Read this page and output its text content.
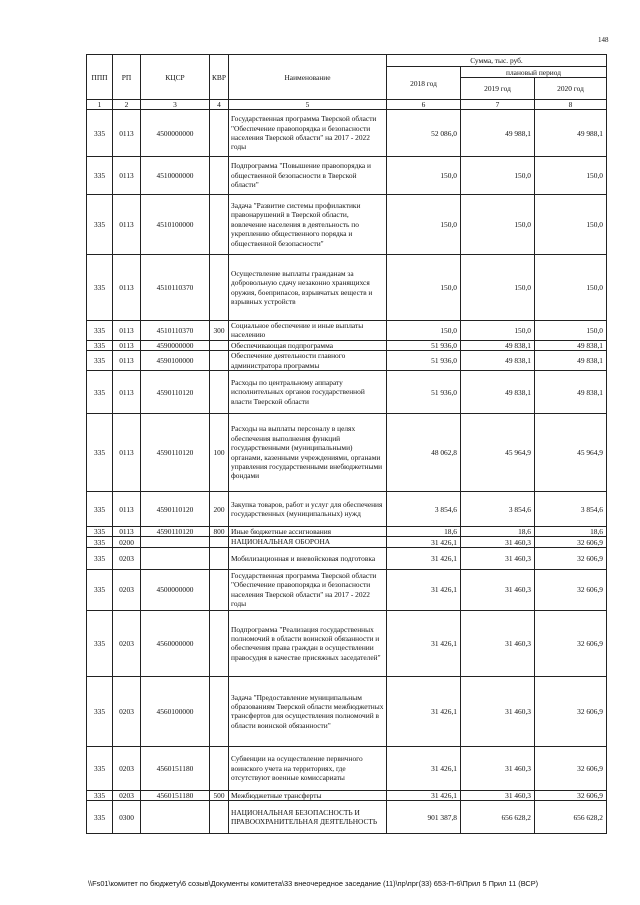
148
ППП	РП	КЦСР	КВР	Наименование	Сумма, тыс. руб.		
					2018 год	плановый период	
						2019 год	2020 год
1	2	3	4	5	6	7	8
335	0113	4500000000		Государственная программа Тверской области "Обеспечение правопорядка и безопасности населения Тверской области" на 2017 - 2022 годы	52 086,0	49 988,1	49 988,1
335	0113	4510000000		Подпрограмма "Повышение правопорядка и общественной безопасности в Тверской области"	150,0	150,0	150,0
335	0113	4510100000		Задача "Развитие системы профилактики правонарушений в Тверской области, вовлечение населения в деятельность по укреплению общественного порядка и общественной безопасности"	150,0	150,0	150,0
335	0113	4510110370		Осуществление выплаты гражданам за добровольную сдачу незаконно хранящихся оружия, боеприпасов, взрывчатых веществ и взрывных устройств	150,0	150,0	150,0
335	0113	4510110370	300	Социальное обеспечение и иные выплаты населению	150,0	150,0	150,0
335	0113	4590000000		Обеспечивающая подпрограмма	51 936,0	49 838,1	49 838,1
335	0113	4590100000		Обеспечение деятельности главного администратора программы	51 936,0	49 838,1	49 838,1
335	0113	4590110120		Расходы по центральному аппарату исполнительных органов государственной власти Тверской области	51 936,0	49 838,1	49 838,1
335	0113	4590110120	100	Расходы на выплаты персоналу в целях обеспечения выполнения функций государственными (муниципальными) органами, казенными учреждениями, органами управления государственными внебюджетными фондами	48 062,8	45 964,9	45 964,9
335	0113	4590110120	200	Закупка товаров, работ и услуг для обеспечения государственных (муниципальных) нужд	3 854,6	3 854,6	3 854,6
335	0113	4590110120	800	Иные бюджетные ассигнования	18,6	18,6	18,6
335	0200			НАЦИОНАЛЬНАЯ ОБОРОНА	31 426,1	31 460,3	32 606,9
335	0203			Мобилизационная и вневойсковая подготовка	31 426,1	31 460,3	32 606,9
335	0203	4500000000		Государственная программа Тверской области "Обеспечение правопорядка и безопасности населения Тверской области" на 2017 - 2022 годы	31 426,1	31 460,3	32 606,9
335	0203	4560000000		Подпрограмма "Реализация государственных полномочий в области воинской обязанности и обеспечения права граждан в осуществлении правосудия в качестве присяжных заседателей"	31 426,1	31 460,3	32 606,9
335	0203	4560100000		Задача "Предоставление муниципальным образованиям Тверской области межбюджетных трансфертов для осуществления полномочий в области воинской обязанности"	31 426,1	31 460,3	32 606,9
335	0203	4560151180		Субвенции на осуществление первичного воинского учета на территориях, где отсутствуют военные комиссариаты	31 426,1	31 460,3	32 606,9
335	0203	4560151180	500	Межбюджетные трансферты	31 426,1	31 460,3	32 606,9
335	0300			НАЦИОНАЛЬНАЯ БЕЗОПАСНОСТЬ И ПРАВООХРАНИТЕЛЬНАЯ ДЕЯТЕЛЬНОСТЬ	901 387,8	656 628,2	656 628,2
\\Fs01\комитет по бюджету\6 созыв\Документы комитета\33 внеочередное заседание (11)\пр\прг(33) 653-П-6\Прил 5 Прил 11 (ВСР)
